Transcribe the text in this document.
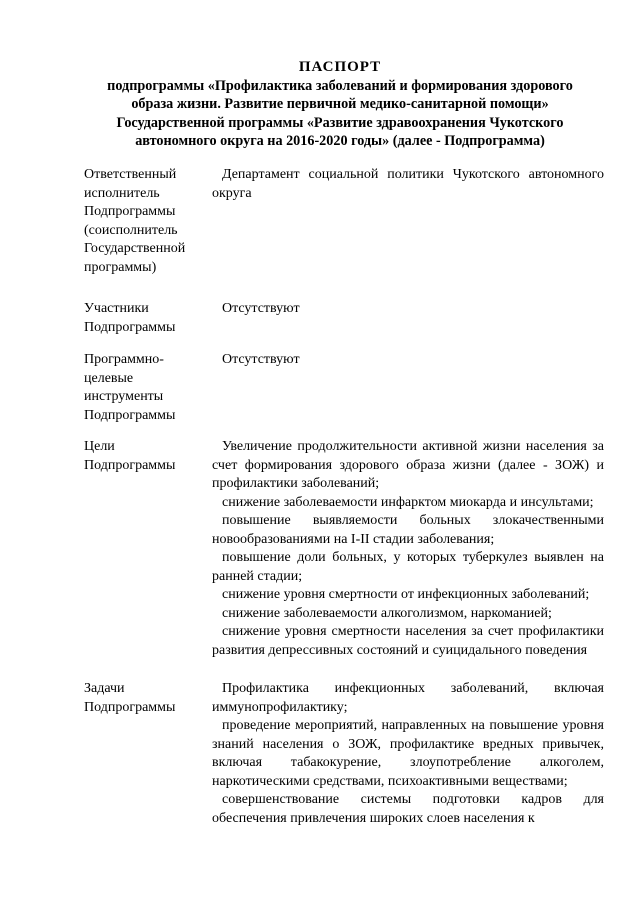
ПАСПОРТ
подпрограммы «Профилактика заболеваний и формирования здорового
образа жизни. Развитие первичной медико-санитарной помощи»
Государственной программы «Развитие здравоохранения Чукотского
автономного округа на 2016-2020 годы» (далее - Подпрограмма)
Ответственный
исполнитель
Подпрограммы
(соисполнитель
Государственной
программы)

Департамент социальной политики Чукотского автономного округа

Участники
Подпрограммы

Отсутствуют

Программно-
целевые
инструменты
Подпрограммы

Отсутствуют

Цели
Подпрограммы

Увеличение продолжительности активной жизни населения за счет формирования здорового образа жизни (далее - ЗОЖ) и профилактики заболеваний;

снижение заболеваемости инфарктом миокарда и инсультами;

повышение выявляемости больных злокачественными новообразованиями на I-II стадии заболевания;

повышение доли больных, у которых туберкулез выявлен на ранней стадии;

снижение уровня смертности от инфекционных заболеваний;

снижение заболеваемости алкоголизмом, наркоманией;

снижение уровня смертности населения за счет профилактики развития депрессивных состояний и суицидального поведения

Задачи
Подпрограммы

Профилактика инфекционных заболеваний, включая иммунопрофилактику;

проведение мероприятий, направленных на повышение уровня знаний населения о ЗОЖ, профилактике вредных привычек, включая табакокурение, злоупотребление алкоголем, наркотическими средствами, психоактивными веществами;

совершенствование системы подготовки кадров для обеспечения привлечения широких слоев населения к
